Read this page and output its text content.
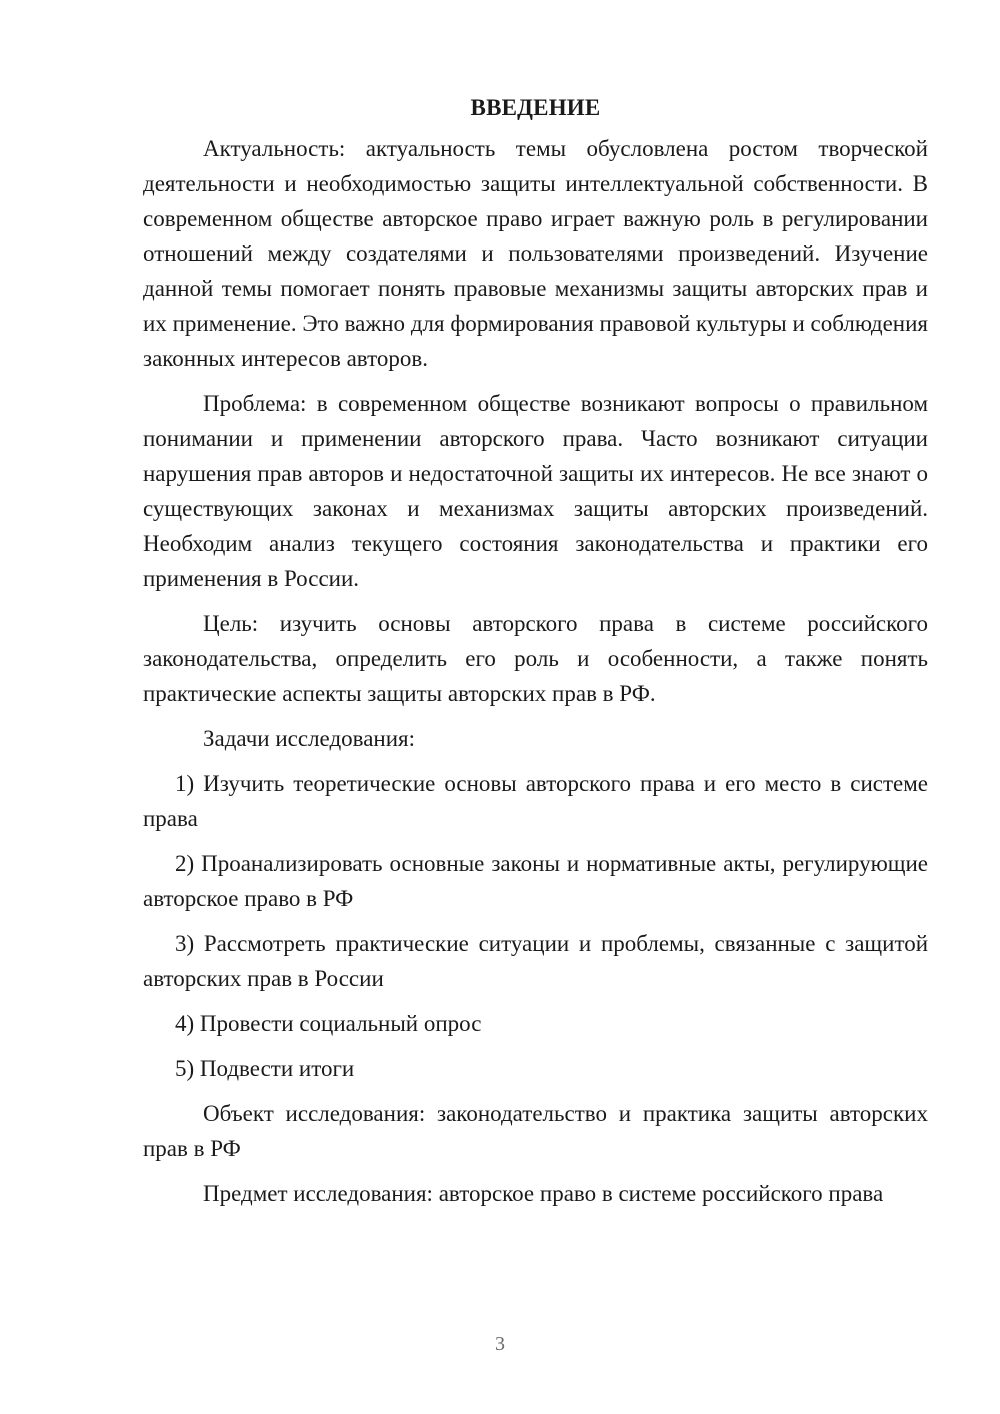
ВВЕДЕНИЕ

Актуальность: актуальность темы обусловлена ростом творческой деятельности и необходимостью защиты интеллектуальной собственности. В современном обществе авторское право играет важную роль в регулировании отношений между создателями и пользователями произведений. Изучение данной темы помогает понять правовые механизмы защиты авторских прав и их применение. Это важно для формирования правовой культуры и соблюдения законных интересов авторов.

Проблема: в современном обществе возникают вопросы о правильном понимании и применении авторского права. Часто возникают ситуации нарушения прав авторов и недостаточной защиты их интересов. Не все знают о существующих законах и механизмах защиты авторских произведений. Необходим анализ текущего состояния законодательства и практики его применения в России.

Цель: изучить основы авторского права в системе российского законодательства, определить его роль и особенности, а также понять практические аспекты защиты авторских прав в РФ.

Задачи исследования:

1) Изучить теоретические основы авторского права и его место в системе права

2) Проанализировать основные законы и нормативные акты, регулирующие авторское право в РФ

3) Рассмотреть практические ситуации и проблемы, связанные с защитой авторских прав в России

4) Провести социальный опрос

5) Подвести итоги

Объект исследования: законодательство и практика защиты авторских прав в РФ

Предмет исследования: авторское право в системе российского права

3
